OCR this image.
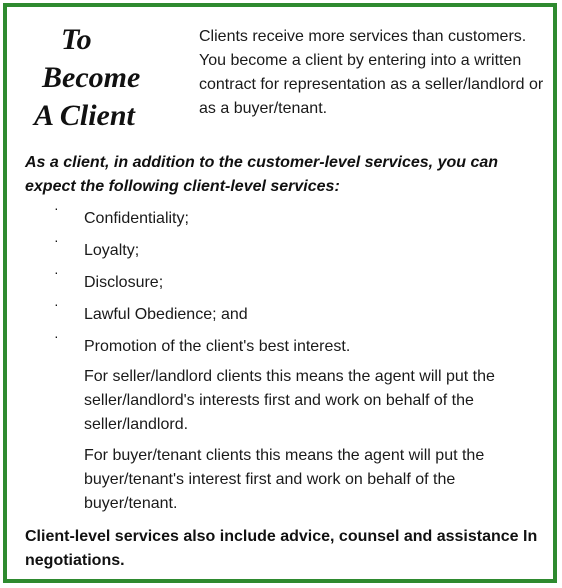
To
Become
A Client
Clients receive more services than customers. You become a client by entering into a written contract for representation as a seller/landlord or as a buyer/tenant.
As a client, in addition to the customer-level services, you can expect the following client-level services:
·
Confidentiality;
·
Loyalty;
·
Disclosure;
·
Lawful Obedience; and
·
Promotion of the client's best interest.
For seller/landlord clients this means the agent will put the seller/landlord's interests first and work on behalf of the seller/landlord.
For buyer/tenant clients this means the agent will put the buyer/tenant's interest first and work on behalf of the buyer/tenant.
Client-level services also include advice, counsel and assistance In negotiations.
